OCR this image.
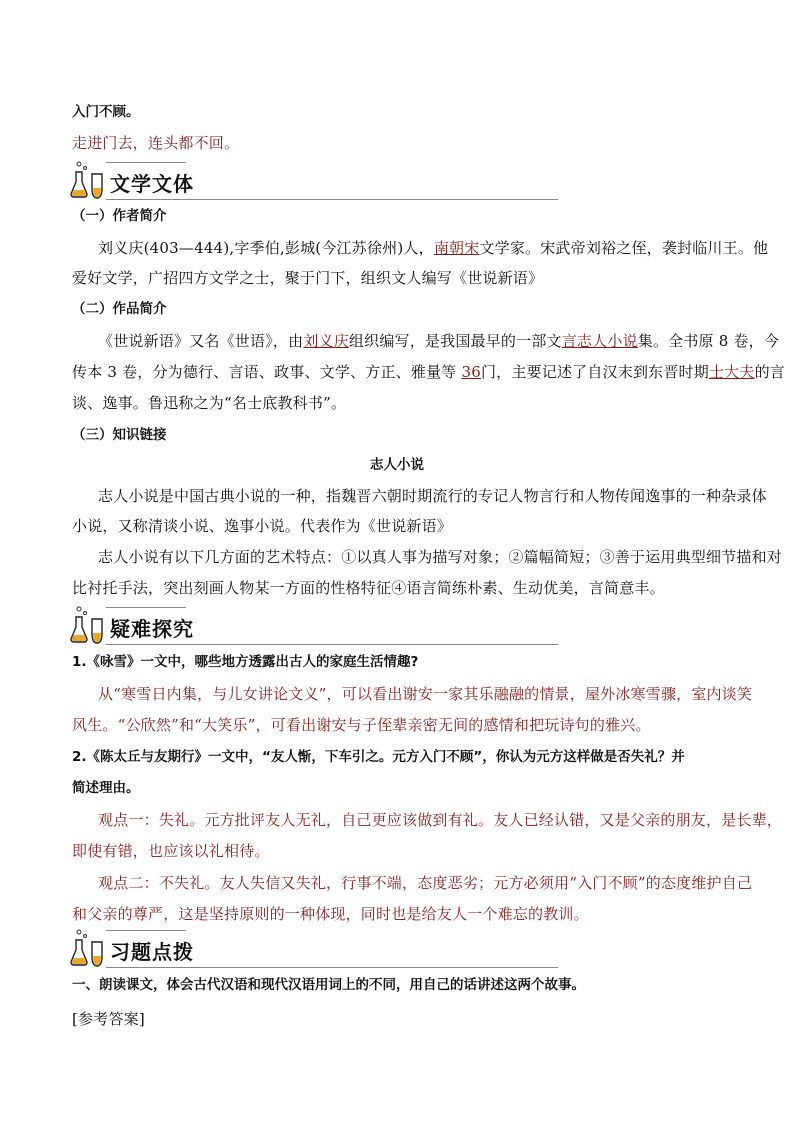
入门不顾。
走进门去，连头都不回。
文学文体
（一）作者简介
刘义庆(403—444),字季伯,彭城(今江苏徐州)人，南朝宋文学家。宋武帝刘裕之侄，袭封临川王。他
爱好文学，广招四方文学之士，聚于门下，组织文人编写《世说新语》
（二）作品简介
《世说新语》又名《世语》，由刘义庆组织编写，是我国最早的一部文言志人小说集。全书原 8 卷，今
传本 3 卷，分为德行、言语、政事、文学、方正、雅量等 36门，主要记述了自汉末到东晋时期士大夫的言
谈、逸事。鲁迅称之为“名士底教科书”。
（三）知识链接
志人小说
志人小说是中国古典小说的一种，指魏晋六朝时期流行的专记人物言行和人物传闻逸事的一种杂录体
小说，又称清谈小说、逸事小说。代表作为《世说新语》
志人小说有以下几方面的艺术特点：①以真人事为描写对象；②篇幅简短；③善于运用典型细节描和对
比衬托手法，突出刻画人物某一方面的性格特征④语言简练朴素、生动优美，言简意丰。
疑难探究
1.《咏雪》一文中，哪些地方透露出古人的家庭生活情趣?
从“寒雪日内集，与儿女讲论文义”，可以看出谢安一家其乐融融的情景，屋外冰寒雪骤，室内谈笑
风生。“公欣然”和“大笑乐”，可看出谢安与子侄辈亲密无间的感情和把玩诗句的雅兴。
2.《陈太丘与友期行》一文中，“友人惭，下车引之。元方入门不顾”，你认为元方这样做是否失礼？并
简述理由。
观点一：失礼。元方批评友人无礼，自己更应该做到有礼。友人已经认错，又是父亲的朋友，是长辈，
即使有错，也应该以礼相待。
观点二：不失礼。友人失信又失礼，行事不端，态度恶劣；元方必须用“入门不顾”的态度维护自己
和父亲的尊严，这是坚持原则的一种体现，同时也是给友人一个难忘的教训。
习题点拨
一、朗读课文，体会古代汉语和现代汉语用词上的不同，用自己的话讲述这两个故事。
[参考答案]
